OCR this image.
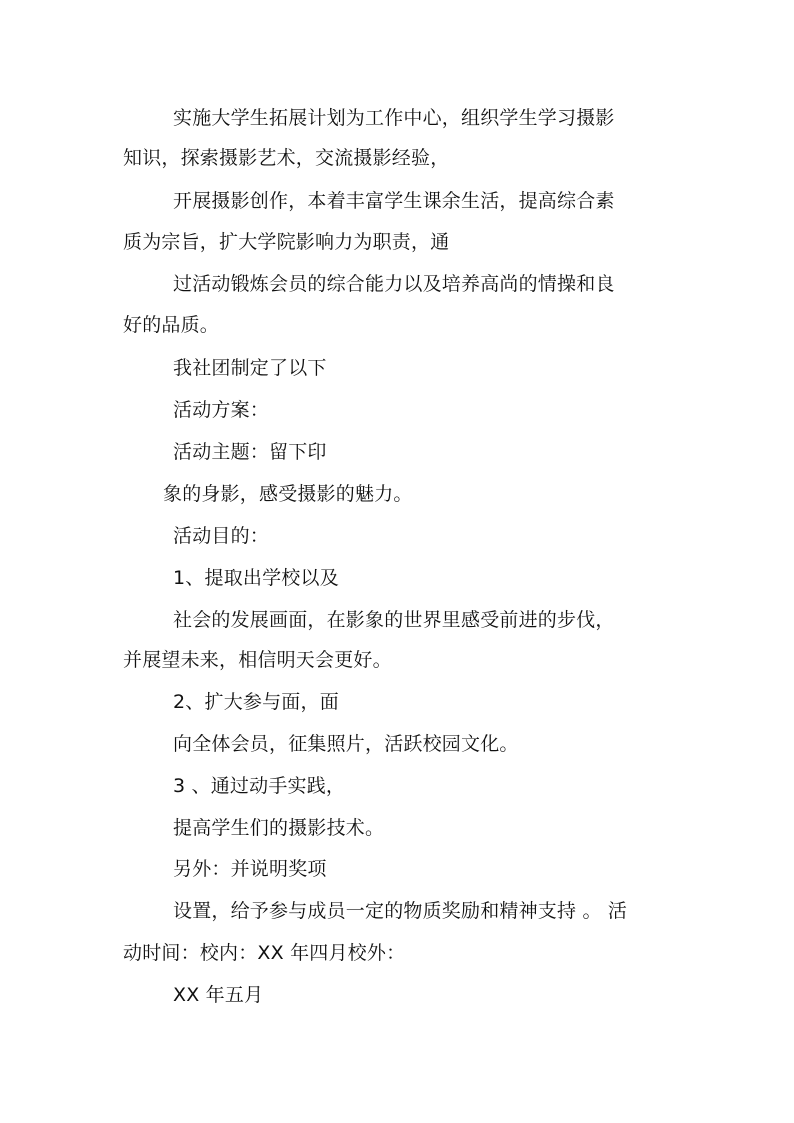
实施大学生拓展计划为工作中心，组织学生学习摄影
知识，探索摄影艺术，交流摄影经验，
开展摄影创作，本着丰富学生课余生活，提高综合素
质为宗旨，扩大学院影响力为职责，通
过活动锻炼会员的综合能力以及培养高尚的情操和良
好的品质。
我社团制定了以下
活动方案：
活动主题：留下印
象的身影，感受摄影的魅力。
活动目的：
1、提取出学校以及
社会的发展画面，在影象的世界里感受前进的步伐，
并展望未来，相信明天会更好。
2、扩大参与面，面
向全体会员，征集照片，活跃校园文化。
3 、通过动手实践，
提高学生们的摄影技术。
另外：并说明奖项
设置，给予参与成员一定的物质奖励和精神支持 。 活
动时间：校内：XX 年四月校外：
XX 年五月
